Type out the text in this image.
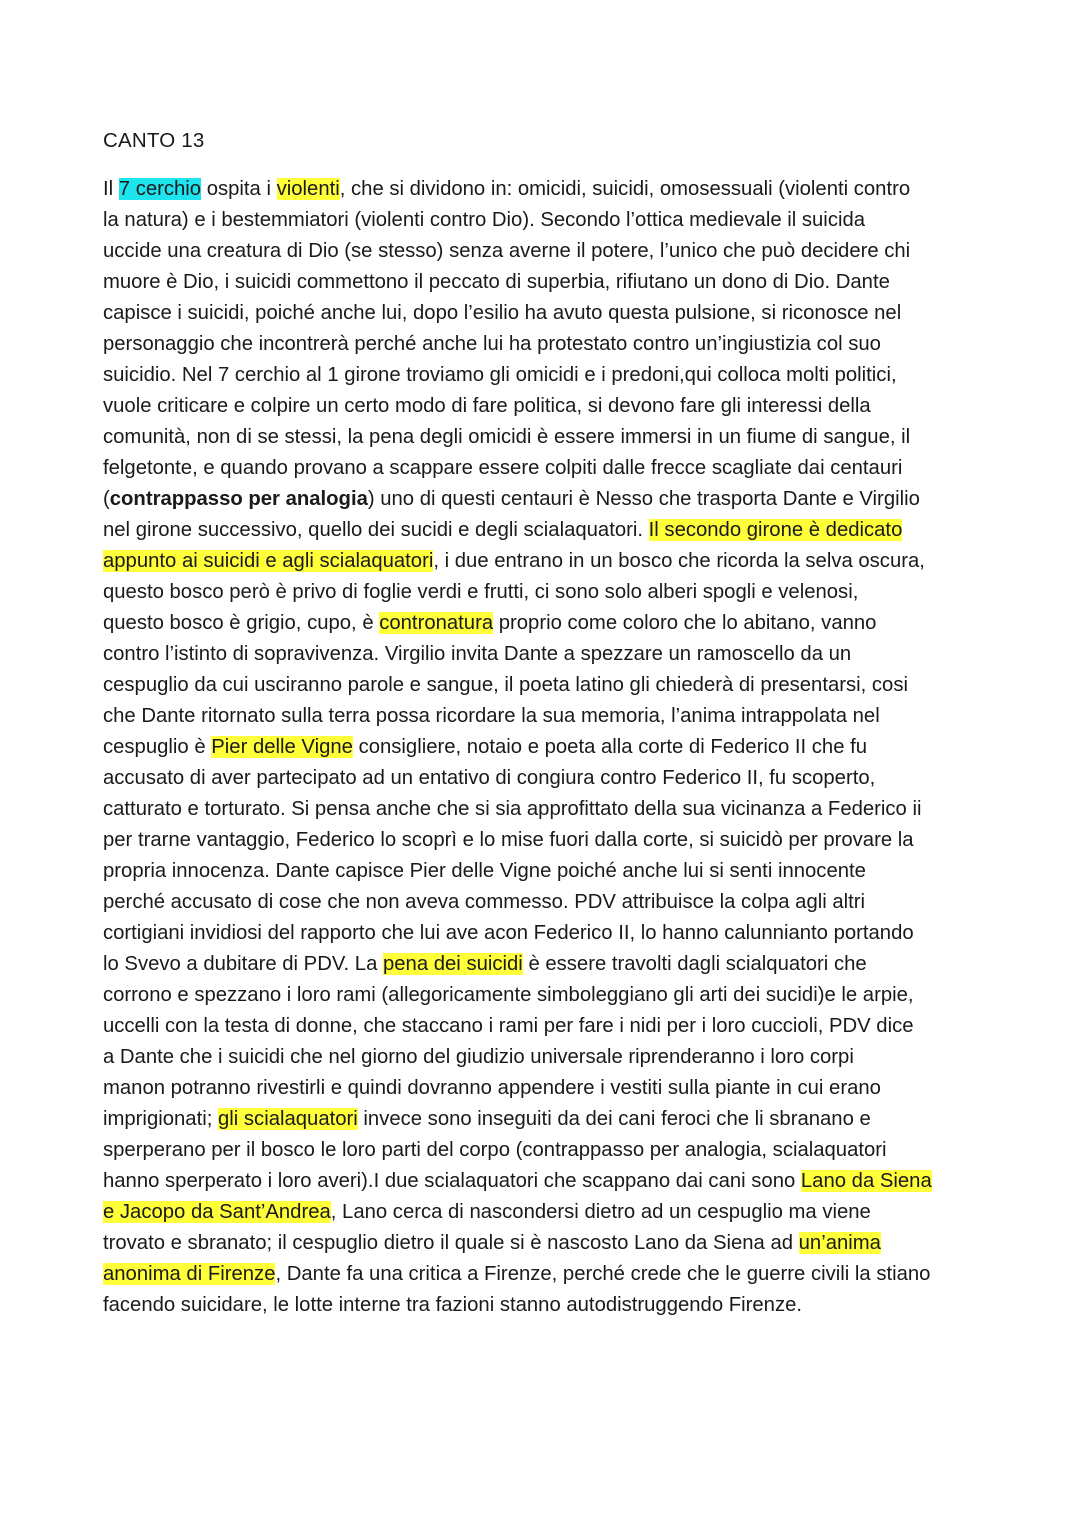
CANTO 13
Il 7 cerchio ospita i violenti, che si dividono in: omicidi, suicidi, omosessuali (violenti contro
la natura) e i bestemmiatori (violenti contro Dio). Secondo l’ottica medievale il suicida
uccide una creatura di Dio (se stesso) senza averne il potere, l’unico che può decidere chi
muore è Dio, i suicidi commettono il peccato di superbia, rifiutano un dono di Dio. Dante
capisce i suicidi, poiché anche lui, dopo l’esilio ha avuto questa pulsione, si riconosce nel
personaggio che incontrerà perché anche lui ha protestato contro un’ingiustizia col suo
suicidio. Nel 7 cerchio al 1 girone troviamo gli omicidi e i predoni,qui colloca molti politici,
vuole criticare e colpire un certo modo di fare politica, si devono fare gli interessi della
comunità, non di se stessi, la pena degli omicidi è essere immersi in un fiume di sangue, il
felgetonte, e quando provano a scappare essere colpiti dalle frecce scagliate dai centauri
(contrappasso per analogia) uno di questi centauri è Nesso che trasporta Dante e Virgilio
nel girone successivo, quello dei sucidi e degli scialaquatori. Il secondo girone è dedicato
appunto ai suicidi e agli scialaquatori, i due entrano in un bosco che ricorda la selva oscura,
questo bosco però è privo di foglie verdi e frutti, ci sono solo alberi spogli e velenosi,
questo bosco è grigio, cupo, è contronatura proprio come coloro che lo abitano, vanno
contro l’istinto di sopravivenza. Virgilio invita Dante a spezzare un ramoscello da un
cespuglio da cui usciranno parole e sangue, il poeta latino gli chiederà di presentarsi, cosi
che Dante ritornato sulla terra possa ricordare la sua memoria, l’anima intrappolata nel
cespuglio è Pier delle Vigne consigliere, notaio e poeta alla corte di Federico II che fu
accusato di aver partecipato ad un entativo di congiura contro Federico II, fu scoperto,
catturato e torturato. Si pensa anche che si sia approfittato della sua vicinanza a Federico ii
per trarne vantaggio, Federico lo scoprì e lo mise fuori dalla corte, si suicidò per provare la
propria innocenza. Dante capisce Pier delle Vigne poiché anche lui si senti innocente
perché accusato di cose che non aveva commesso. PDV attribuisce la colpa agli altri
cortigiani invidiosi del rapporto che lui ave acon Federico II, lo hanno calunnianto portando
lo Svevo a dubitare di PDV. La pena dei suicidi è essere travolti dagli scialquatori che
corrono e spezzano i loro rami (allegoricamente simboleggiano gli arti dei sucidi)e le arpie,
uccelli con la testa di donne, che staccano i rami per fare i nidi per i loro cuccioli, PDV dice
a Dante che i suicidi che nel giorno del giudizio universale riprenderanno i loro corpi
manon potranno rivestirli e quindi dovranno appendere i vestiti sulla piante in cui erano
imprigionati; gli scialaquatori invece sono inseguiti da dei cani feroci che li sbranano e
sperperano per il bosco le loro parti del corpo (contrappasso per analogia, scialaquatori
hanno sperperato i loro averi).I due scialaquatori che scappano dai cani sono Lano da Siena
e Jacopo da Sant’Andrea, Lano cerca di nascondersi dietro ad un cespuglio ma viene
trovato e sbranato; il cespuglio dietro il quale si è nascosto Lano da Siena ad un’anima
anonima di Firenze, Dante fa una critica a Firenze, perché crede che le guerre civili la stiano
facendo suicidare, le lotte interne tra fazioni stanno autodistruggendo Firenze.
